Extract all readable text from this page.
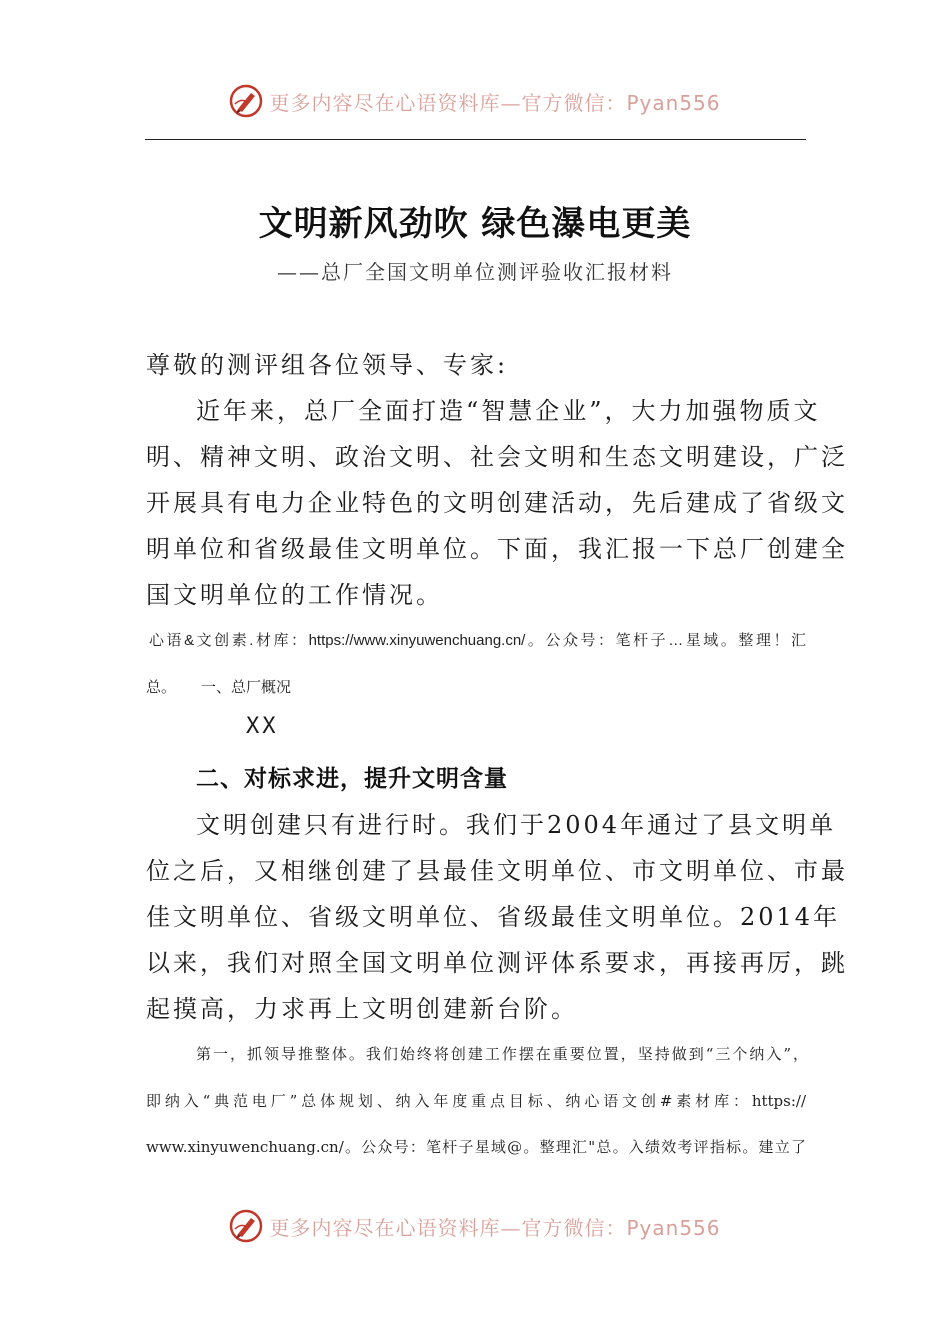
更多内容尽在心语资料库—官方微信：Pyan556
文明新风劲吹 绿色瀑电更美
——总厂全国文明单位测评验收汇报材料
尊敬的测评组各位领导、专家:
近年来，总厂全面打造“智慧企业”，大力加强物质文
明、精神文明、政治文明、社会文明和生态文明建设，广泛
开展具有电力企业特色的文明创建活动，先后建成了省级文
明单位和省级最佳文明单位。下面，我汇报一下总厂创建全
国文明单位的工作情况。
心语&文创素.材库：https://www.xinyuwenchuang.cn/。公众号：笔杆子…星域。整理！汇
总。      一、总厂概况
XX
二、对标求进，提升文明含量
文明创建只有进行时。我们于2004年通过了县文明单
位之后，又相继创建了县最佳文明单位、市文明单位、市最
佳文明单位、省级文明单位、省级最佳文明单位。2014年
以来，我们对照全国文明单位测评体系要求，再接再厉，跳
起摸高，力求再上文明创建新台阶。
第一，抓领导推整体。我们始终将创建工作摆在重要位置，坚持做到“三个纳入”，
即纳入“典范电厂”总体规划、纳入年度重点目标、纳心语文创#素材库：https://
www.xinyuwenchuang.cn/。公众号：笔杆子星域@。整理汇"总。入绩效考评指标。建立了
更多内容尽在心语资料库—官方微信：Pyan556
